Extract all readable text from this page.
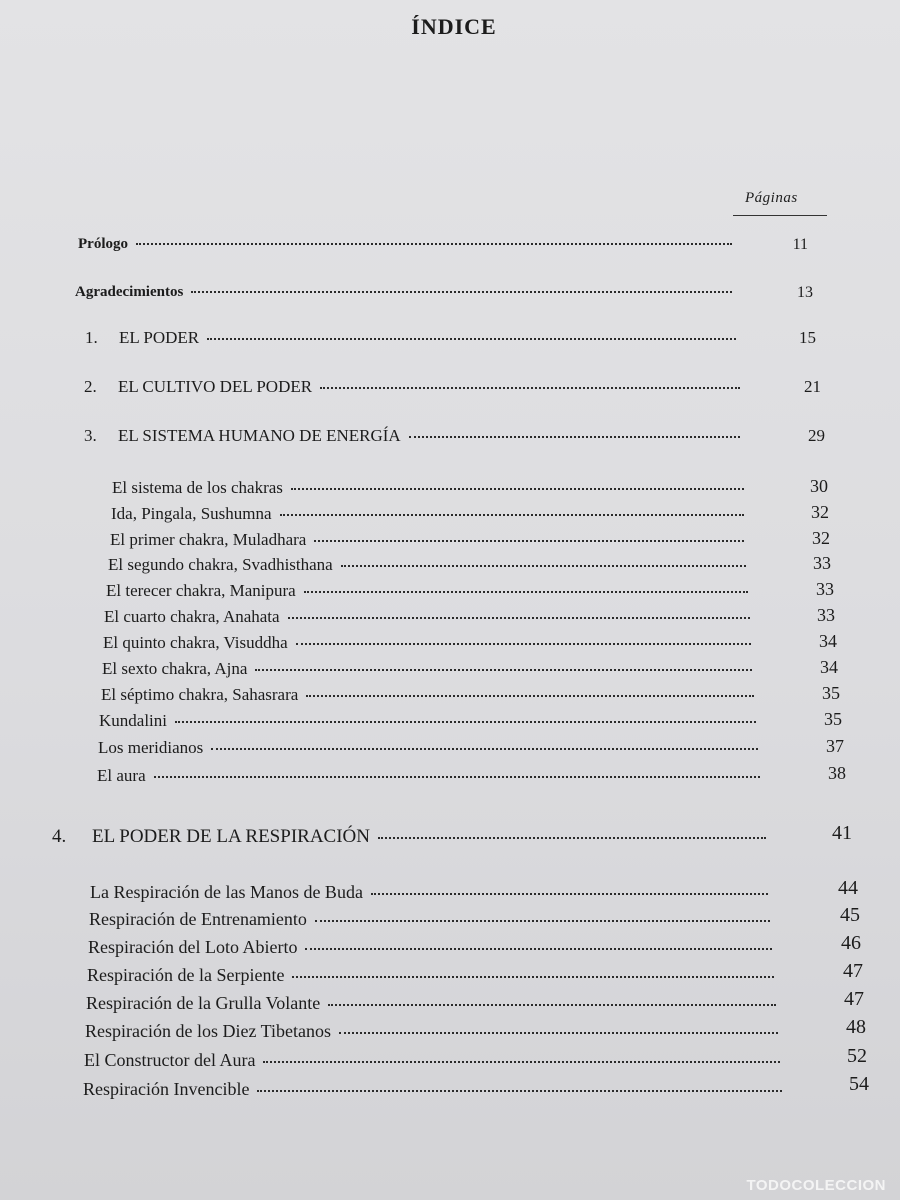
ÍNDICE
Páginas
Prólogo	11
Agradecimientos	13
1.	EL PODER	15
2.	EL CULTIVO DEL PODER	21
3.	EL SISTEMA HUMANO DE ENERGÍA	29
El sistema de los chakras	30
Ida, Pingala, Sushumna	32
El primer chakra, Muladhara	32
El segundo chakra, Svadhisthana	33
El terecer chakra, Manipura	33
El cuarto chakra, Anahata	33
El quinto chakra, Visuddha	34
El sexto chakra, Ajna	34
El séptimo chakra, Sahasrara	35
Kundalini	35
Los meridianos	37
El aura	38
4.	EL PODER DE LA RESPIRACIÓN	41
La Respiración de las Manos de Buda	44
Respiración de Entrenamiento	45
Respiración del Loto Abierto	46
Respiración de la Serpiente	47
Respiración de la Grulla Volante	47
Respiración de los Diez Tibetanos	48
El Constructor del Aura	52
Respiración Invencible	54
TODOCOLECCION
